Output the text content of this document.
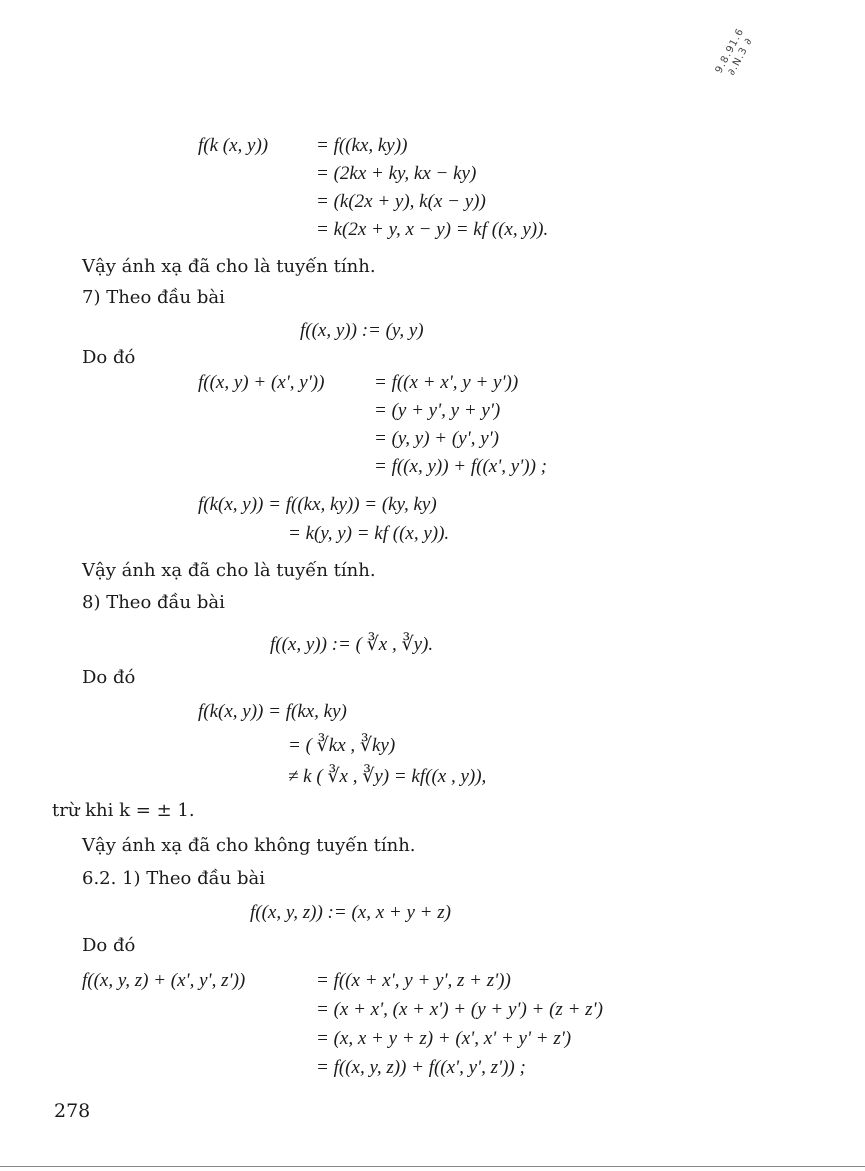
9.8.91.6 ∂.N.3 ∂
f(k (x, y))	= f((kx, ky))
= (2kx + ky, kx − ky)
= (k(2x + y), k(x − y))
= k(2x + y, x − y) = kf ((x, y)).
Vậy ánh xạ đã cho là tuyến tính.
7) Theo đầu bài
f((x, y)) := (y, y)
Do đó
f((x, y) + (x', y'))	= f((x + x', y + y'))
= (y + y', y + y')
= (y, y) + (y', y')
= f((x, y)) + f((x', y')) ;
f(k(x, y)) = f((kx, ky)) = (ky, ky)
= k(y, y) = kf ((x, y)).
Vậy ánh xạ đã cho là tuyến tính.
8) Theo đầu bài
f((x, y)) := ( ∛x , ∛y).
Do đó
f(k(x, y)) = f(kx, ky)
= ( ∛kx , ∛ky)
≠ k ( ∛x , ∛y) = kf((x , y)),
trừ khi k = ± 1.
Vậy ánh xạ đã cho không tuyến tính.
6.2. 1) Theo đầu bài
f((x, y, z)) := (x, x + y + z)
Do đó
f((x, y, z) + (x', y', z'))	= f((x + x', y + y', z + z'))
= (x + x', (x + x') + (y + y') + (z + z')
= (x, x + y + z) + (x', x' + y' + z')
= f((x, y, z)) + f((x', y', z')) ;
278
